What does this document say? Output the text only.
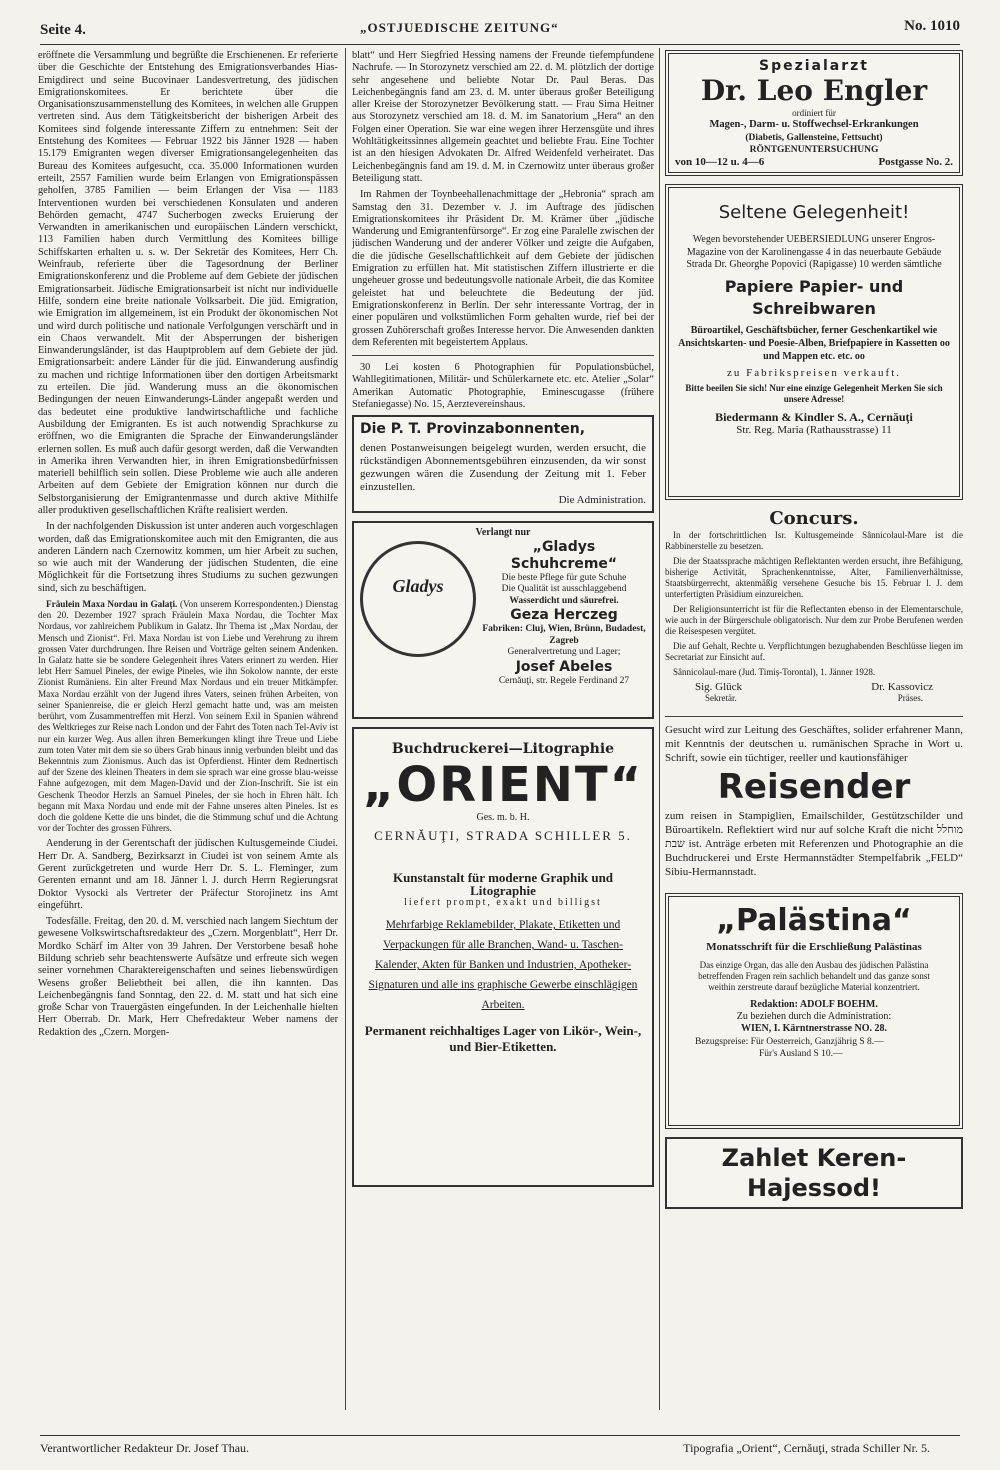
Seite 4.	„OSTJUEDISCHE ZEITUNG“	No. 1010

eröffnete die Versammlung und begrüßte die Erschienenen. Er referierte über die Geschichte der Entstehung des Emigrationsverbandes Hias-Emigdirect und seine Bucovinaer Landesvertretung, des jüdischen Emigrationskomitees. Er berichtete über die Organisationszusammenstellung des Komitees, in welchen alle Gruppen vertreten sind. Aus dem Tätigkeitsbericht der bisherigen Arbeit des Komitees sind folgende interessante Ziffern zu entnehmen: Seit der Entstehung des Komitees — Februar 1922 bis Jänner 1928 — haben 15.179 Emigranten wegen diverser Emigrationsangelegenheiten das Bureau des Komitees aufgesucht, cca. 35.000 Informationen wurden erteilt, 2557 Familien wurde beim Erlangen von Emigrationspässen geholfen, 3785 Familien — beim Erlangen der Visa — 1183 Interventionen wurden bei verschiedenen Konsulaten und anderen Behörden gemacht, 4747 Sucherbogen zwecks Eruierung der Verwandten in amerikanischen und europäischen Ländern verschickt, 113 Familien haben durch Vermittlung des Komitees billige Schiffskarten erhalten u. s. w. Der Sekretär des Komitees, Herr Ch. Weinfraub, referierte über die Tagesordnung der Berliner Emigrationskonferenz und die Probleme auf dem Gebiete der jüdischen Emigrationsarbeit. Jüdische Emigrationsarbeit ist nicht nur individuelle Hilfe, sondern eine breite nationale Volksarbeit. Die jüd. Emigration, wie Emigration im allgemeinem, ist ein Produkt der ökonomischen Not und wird durch politische und nationale Verfolgungen verschärft und in ein Chaos verwandelt. Mit der Absperrungen der bisherigen Einwanderungsländer, ist das Hauptproblem auf dem Gebiete der jüd. Emigrationsarbeit: andere Länder für die jüd. Einwanderung ausfindig zu machen und richtige Informationen über den dortigen Arbeitsmarkt zu erteilen. Die jüd. Wanderung muss an die ökonomischen Bedingungen der neuen Einwanderungs-Länder angepaßt werden und das bedeutet eine produktive landwirtschaftliche und fachliche Ausbildung der Emigranten. Es ist auch notwendig Sprachkurse zu eröffnen, wo die Emigranten die Sprache der Einwanderungsländer erlernen sollen. Es muß auch dafür gesorgt werden, daß die Verwandten in Amerika ihren Verwandten hier, in ihren Emigrationsbedürfnissen materiell behilflich sein sollen. Diese Probleme wie auch alle anderen Arbeiten auf dem Gebiete der Emigration können nur durch die Selbstorganisierung der Emigrantenmasse und durch aktive Mithilfe aller produktiven gesellschaftlichen Kräfte realisiert werden.

In der nachfolgenden Diskussion ist unter anderen auch vorgeschlagen worden, daß das Emigrationskomitee auch mit den Emigranten, die aus anderen Ländern nach Czernowitz kommen, um hier Arbeit zu suchen, so wie auch mit der Wanderung der jüdischen Studenten, die eine Möglichkeit für die Fortsetzung ihres Studiums zu suchen gezwungen sind, sich zu beschäftigen.

Fräulein Maxa Nordau in Galați. (Von unserem Korrespondenten.) Dienstag den 20. Dezember 1927 sprach Fräulein Maxa Nordau, die Tochter Max Nordaus, vor zahlreichem Publikum in Galatz. Ihr Thema ist „Max Nordau, der Mensch und Zionist“. Frl. Maxa Nordau ist von Liebe und Verehrung zu ihrem grossen Vater durchdrungen. Ihre Reisen und Vorträge gelten seinem Andenken. In Galatz hatte sie be sondere Gelegenheit ihres Vaters erinnert zu werden. Hier lebt Herr Samuel Pineles, der ewige Pineles, wie ihn Sokolow nannte, der erste Zionist Rumäniens. Ein alter Freund Max Nordaus und ein treuer Mitkämpfer. Maxa Nordau erzählt von der Jugend ihres Vaters, seinen frühen Arbeiten, von seiner Spanienreise, die er gleich Herzl gemacht hatte und, was am meisten berührt, vom Zusammentreffen mit Herzl. Von seinem Exil in Spanien während des Weltkrieges zur Reise nach London und der Fahrt des Toten nach Tel-Aviv ist nur ein kurzer Weg. Aus allen ihren Bemerkungen klingt ihre Treue und Liebe zum toten Vater mit dem sie so übers Grab hinaus innig verbunden bleibt und das Bekenntnis zum Zionismus. Auch das ist Opferdienst. Hinter dem Rednertisch auf der Szene des kleinen Theaters in dem sie sprach war eine grosse blau-weisse Fahne aufgezogen, mit dem Magen-David und der Zion-Inschrift. Sie ist ein Geschenk Theodor Herzls an Samuel Pineles, der sie hoch in Ehren hält. Ich begann mit Maxa Nordau und ende mit der Fahne unseres alten Pineles. Ist es doch die goldene Kette die uns bindet, die die Stimmung schuf und die Achtung vor der Tochter des grossen Führers.

Aenderung in der Gerentschaft der jüdischen Kultusgemeinde Ciudei. Herr Dr. A. Sandberg, Bezirksarzt in Ciudei ist von seinem Amte als Gerent zurückgetreten und wurde Herr Dr. S. L. Fleminger, zum Gerenten ernannt und am 18. Jänner l. J. durch Herrn Regierungsrat Doktor Vysocki als Vertreter der Präfectur Storojinetz ins Amt eingeführt.

Todesfälle. Freitag, den 20. d. M. verschied nach langem Siechtum der gewesene Volkswirtschaftsredakteur des „Czern. Morgenblatt“, Herr Dr. Mordko Schärf im Alter von 39 Jahren. Der Verstorbene besaß hohe Bildung schrieb sehr beachtenswerte Aufsätze und erfreute sich wegen seiner vornehmen Charaktereigenschaften und seines liebenswürdigen Wesens großer Beliebtheit bei allen, die ihn kannten. Das Leichenbegängnis fand Sonntag, den 22. d. M. statt und hat sich eine große Schar von Trauergästen eingefunden. In der Leichenhalle hielten Herr Oberrab. Dr. Mark, Herr Chefredakteur Weber namens der Redaktion des „Czern. Morgen-

blatt“ und Herr Siegfried Hessing namens der Freunde tiefempfundene Nachrufe. — In Storozynetz verschied am 22. d. M. plötzlich der dortige sehr angesehene und beliebte Notar Dr. Paul Beras. Das Leichenbegängnis fand am 23. d. M. unter überaus großer Beteiligung aller Kreise der Storozynetzer Bevölkerung statt. — Frau Sima Heitner aus Storozynetz verschied am 18. d. M. im Sanatorium „Hera“ an den Folgen einer Operation. Sie war eine wegen ihrer Herzensgüte und ihres Wohltätigkeitssinnes allgemein geachtet und beliebte Frau. Eine Tochter ist an den hiesigen Advokaten Dr. Alfred Weidenfeld verheiratet. Das Leichenbegängnis fand am 19. d. M. in Czernowitz unter überaus großer Beteiligung statt.

Im Rahmen der Toynbeehallenachmittage der „Hebronia“ sprach am Samstag den 31. Dezember v. J. im Auftrage des jüdischen Emigrationskomitees ihr Präsident Dr. M. Krämer über „jüdische Wanderung und Emigrantenfürsorge“. Er zog eine Paralelle zwischen der jüdischen Wanderung und der anderer Völker und zeigte die Aufgaben, die die jüdische Gesellschaftlichkeit auf dem Gebiete der jüdischen Emigration zu erfüllen hat. Mit statistischen Ziffern illustrierte er die ungeheuer grosse und bedeutungsvolle nationale Arbeit, die das Komitee geleistet hat und beleuchtete die Bedeutung der jüd. Emigrationskonferenz in Berlin. Der sehr interessante Vortrag, der in einer populären und volkstümlichen Form gehalten wurde, rief bei der grossen Zuhörerschaft großes Interesse hervor. Die Anwesenden dankten dem Referenten mit begeistertem Applaus.

30 Lei kosten 6 Photographien für Populationsbüchel, Wahllegitimationen, Militär- und Schülerkarnete etc. etc. Atelier „Solar“ Amerikan Automatic Photographie, Eminescugasse (frühere Stefaniegasse) No. 15, Aerztevereinshaus.

Die P. T. Provinzabonnenten,
denen Postanweisungen beigelegt wurden, werden ersucht, die rückständigen Abonnementsgebühren einzusenden, da wir sonst gezwungen wären die Zusendung der Zeitung mit 1. Feber einzustellen.
Die Administration.
Verlangt nur
Gladys
„Gladys Schuhcreme“
Die beste Pflege für gute Schuhe
Die Qualität ist ausschlaggebend
Wasserdicht und säurefrei.
Geza Herczeg
Fabriken: Cluj, Wien, Brünn, Budadest, Zagreb
Generalvertretung und Lager;
Josef Abeles
Cernăuţi, str. Regele Ferdinand 27
Buchdruckerei—Litographie
„ORIENT“
Ges. m. b. H.
CERNĂUŢI, STRADA SCHILLER 5.
Kunstanstalt für moderne Graphik und Litographie
liefert prompt, exakt und billigst
Mehrfarbige Reklamebilder, Plakate, Etiketten und Verpackungen für alle Branchen, Wand- u. Taschen-Kalender, Akten für Banken und Industrien, Apotheker-Signaturen und alle ins graphische Gewerbe einschlägigen Arbeiten.
Permanent reichhaltiges Lager von Likör-, Wein-, und Bier-Etiketten.
Spezialarzt
Dr. Leo Engler
ordiniert für
Magen-, Darm- u. Stoffwechsel-Erkrankungen
(Diabetis, Gallensteine, Fettsucht)
RÖNTGENUNTERSUCHUNG
von 10—12 u. 4—6	Postgasse No. 2.
Seltene Gelegenheit!
Wegen bevorstehender UEBERSIEDLUNG unserer Engros-Magazine von der Karolinengasse 4 in das neuerbaute Gebäude Strada Dr. Gheorghe Popovici (Rapigasse) 10 werden sämtliche
Papiere Papier- und Schreibwaren
Büroartikel, Geschäftsbücher, ferner Geschenkartikel wie Ansichtskarten- und Poesie-Alben, Briefpapiere in Kassetten oo und Mappen etc. etc. oo
zu Fabrikspreisen verkauft.
Bitte beeilen Sie sich! Nur eine einzige Gelegenheit Merken Sie sich unsere Adresse!
Biedermann & Kindler S. A., Cernăuţi
Str. Reg. Maria (Rathausstrasse) 11
Concurs.

In der fortschrittlichen Isr. Kultusgemeinde Sânnicolaul-Mare ist die Rabbinerstelle zu besetzen.

Die der Staatssprache mächtigen Reflektanten werden ersucht, ihre Befähigung, bisherige Activität, Sprachenkenntnisse, Alter, Familienverhältnisse, Staatsbürgerrecht, aktenmäßig versehene Gesuche bis 15. Februar l. J. dem unterfertigten Präsidium einzureichen.

Der Religionsunterricht ist für die Reflectanten ebenso in der Elementarschule, wie auch in der Bürgerschule obligatorisch. Nur dem zur Probe Berufenen werden die Reisespesen vergütet.

Die auf Gehalt, Rechte u. Verpflichtungen bezughabenden Beschlüsse liegen im Secretariat zur Einsicht auf.

Sânnicolaul-mare (Jud. Timiș-Torontal), 1. Jänner 1928.

Sig. Glück	Dr. Kassovicz
Sekretär.	Präses.
Gesucht wird zur Leitung des Geschäftes, solider erfahrener Mann, mit Kenntnis der deutschen u. rumänischen Sprache in Wort u. Schrift, sowie ein tüchtiger, reeller und kautionsfähiger
Reisender
zum reisen in Stampiglien, Emailschilder, Gestützschilder und Büroartikeln. Reflektiert wird nur auf solche Kraft die nicht מוחלל שבת ist. Anträge erbeten mit Referenzen und Photographie an die Buchdruckerei und Erste Hermannstädter Stempelfabrik „FELD“ Sibiu-Hermannstadt.
„Palästina“
Monatsschrift für die Erschließung Palästinas
Das einzige Organ, das alle den Ausbau des jüdischen Palästina betreffenden Fragen rein sachlich behandelt und das ganze sonst weithin zerstreute darauf bezügliche Material konzentriert.
Redaktion: ADOLF BOEHM.
Zu beziehen durch die Administration:
WIEN, I. Kärntnerstrasse NO. 28.
Bezugspreise: Für Oesterreich, Ganzjährig S 8.—
Für's Ausland S 10.—
Zahlet Keren-Hajessod!
Verantwortlicher Redakteur Dr. Josef Thau.	Tipografia „Orient“, Cernăuţi, strada Schiller Nr. 5.
